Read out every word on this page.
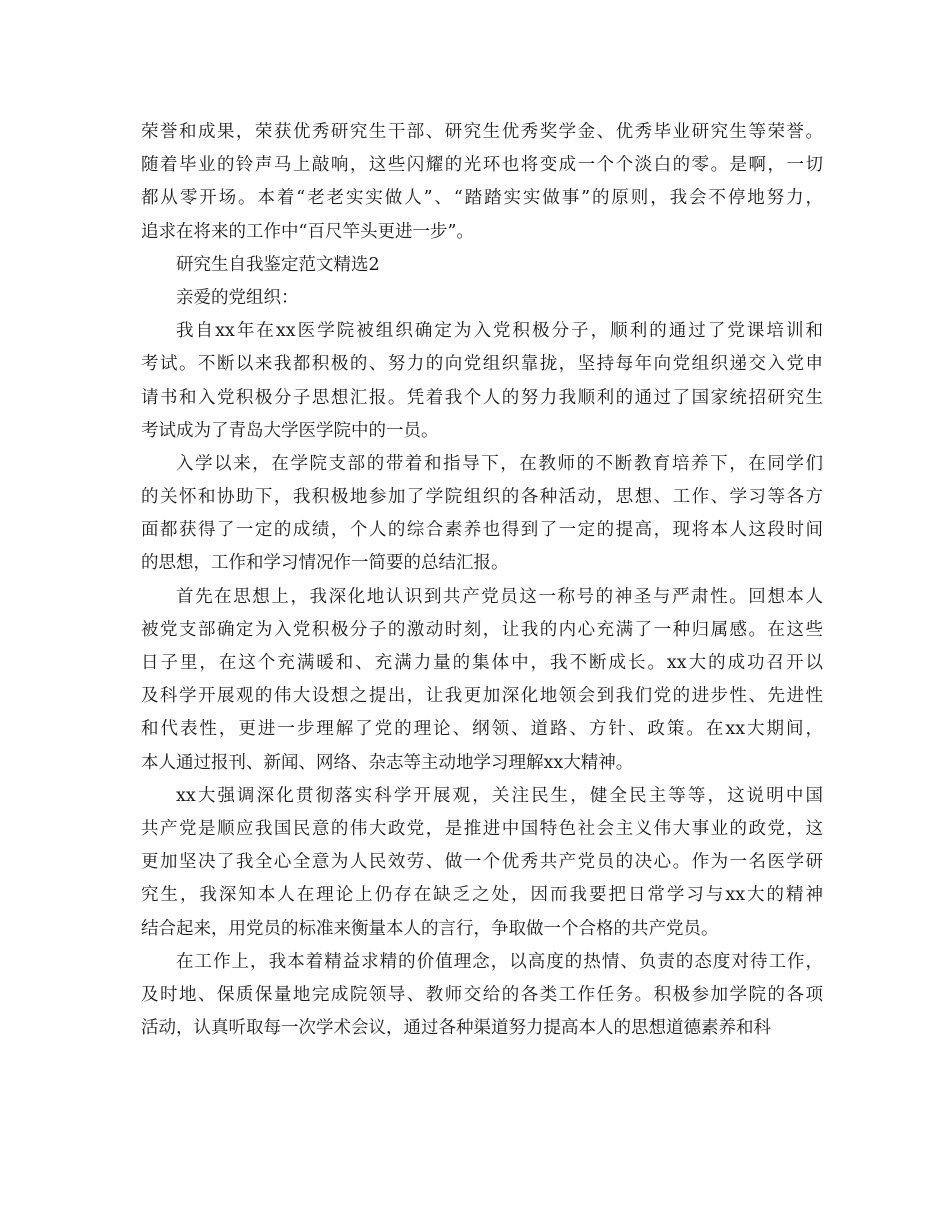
荣誉和成果，荣获优秀研究生干部、研究生优秀奖学金、优秀毕业研究生等荣誉。
随着毕业的铃声马上敲响，这些闪耀的光环也将变成一个个淡白的零。是啊，一切
都从零开场。本着“老老实实做人”、“踏踏实实做事”的原则，我会不停地努力，
追求在将来的工作中“百尺竿头更进一步”。
研究生自我鉴定范文精选2
亲爱的党组织：
我自xx年在xx医学院被组织确定为入党积极分子，顺利的通过了党课培训和
考试。不断以来我都积极的、努力的向党组织靠拢，坚持每年向党组织递交入党申
请书和入党积极分子思想汇报。凭着我个人的努力我顺利的通过了国家统招研究生
考试成为了青岛大学医学院中的一员。
入学以来，在学院支部的带着和指导下，在教师的不断教育培养下，在同学们
的关怀和协助下，我积极地参加了学院组织的各种活动，思想、工作、学习等各方
面都获得了一定的成绩，个人的综合素养也得到了一定的提高，现将本人这段时间
的思想，工作和学习情况作一简要的总结汇报。
首先在思想上，我深化地认识到共产党员这一称号的神圣与严肃性。回想本人
被党支部确定为入党积极分子的激动时刻，让我的内心充满了一种归属感。在这些
日子里，在这个充满暖和、充满力量的集体中，我不断成长。xx大的成功召开以
及科学开展观的伟大设想之提出，让我更加深化地领会到我们党的进步性、先进性
和代表性，更进一步理解了党的理论、纲领、道路、方针、政策。在xx大期间，
本人通过报刊、新闻、网络、杂志等主动地学习理解xx大精神。
xx大强调深化贯彻落实科学开展观，关注民生，健全民主等等，这说明中国
共产党是顺应我国民意的伟大政党，是推进中国特色社会主义伟大事业的政党，这
更加坚决了我全心全意为人民效劳、做一个优秀共产党员的决心。作为一名医学研
究生，我深知本人在理论上仍存在缺乏之处，因而我要把日常学习与xx大的精神
结合起来，用党员的标准来衡量本人的言行，争取做一个合格的共产党员。
在工作上，我本着精益求精的价值理念，以高度的热情、负责的态度对待工作，
及时地、保质保量地完成院领导、教师交给的各类工作任务。积极参加学院的各项
活动，认真听取每一次学术会议，通过各种渠道努力提高本人的思想道德素养和科
